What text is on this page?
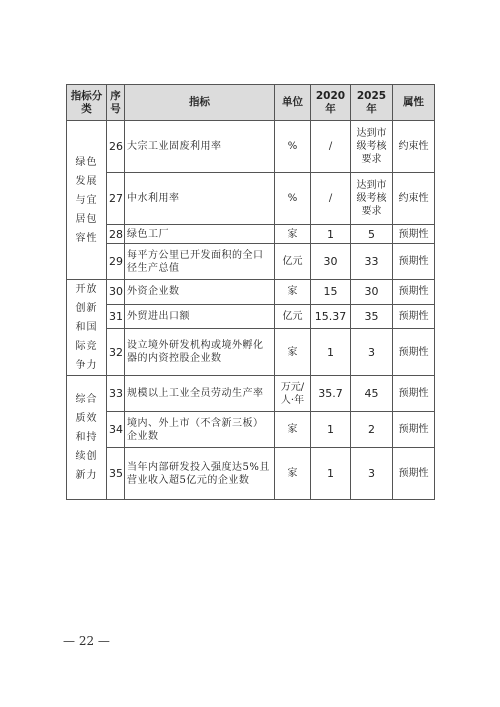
指标分类	序号	指标	单位	2020年	2025 年	属性
绿色发展与宜居包容性	26	大宗工业固废利用率	%	/	达到市级考核要求	约束性
	27	中水利用率	%	/	达到市级考核要求	约束性
	28	绿色工厂	家	1	5	预期性
	29	每平方公里已开发面积的全口径生产总值	亿元	30	33	预期性
开放创新和国际竞争力	30	外资企业数	家	15	30	预期性
	31	外贸进出口额	亿元	15.37	35	预期性
	32	设立境外研发机构或境外孵化器的内资控股企业数	家	1	3	预期性
综合质效和持续创新力	33	规模以上工业全员劳动生产率	万元/人·年	35.7	45	预期性
	34	境内、外上市（不含新三板）企业数	家	1	2	预期性
	35	当年内部研发投入强度达5%且营业收入超5亿元的企业数	家	1	3	预期性
— 22 —
